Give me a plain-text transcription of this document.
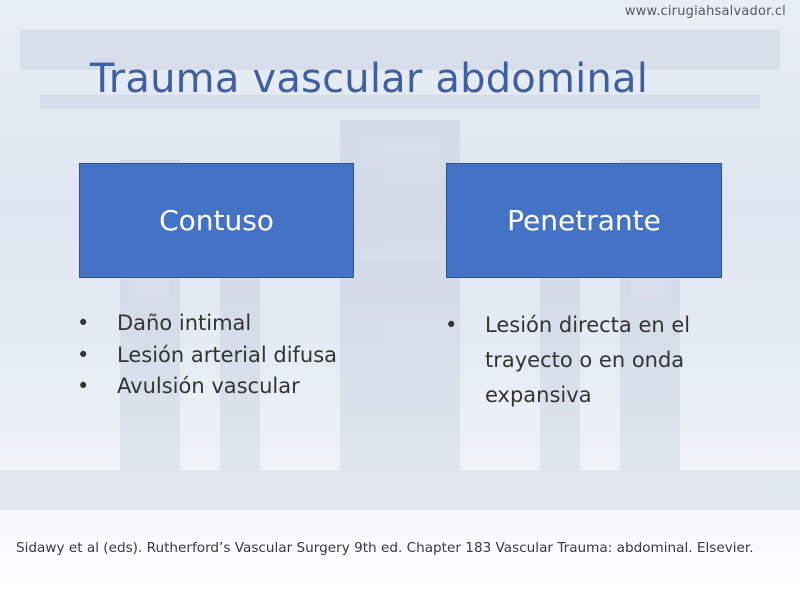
www.cirugiahsalvador.cl
Trauma vascular abdominal
Contuso	Penetrante
• Daño intimal
• Lesión arterial difusa
• Avulsión vascular
• Lesión directa en el trayecto o en onda expansiva
Sidawy et al (eds). Rutherford’s Vascular Surgery 9th ed. Chapter 183 Vascular Trauma: abdominal. Elsevier.
